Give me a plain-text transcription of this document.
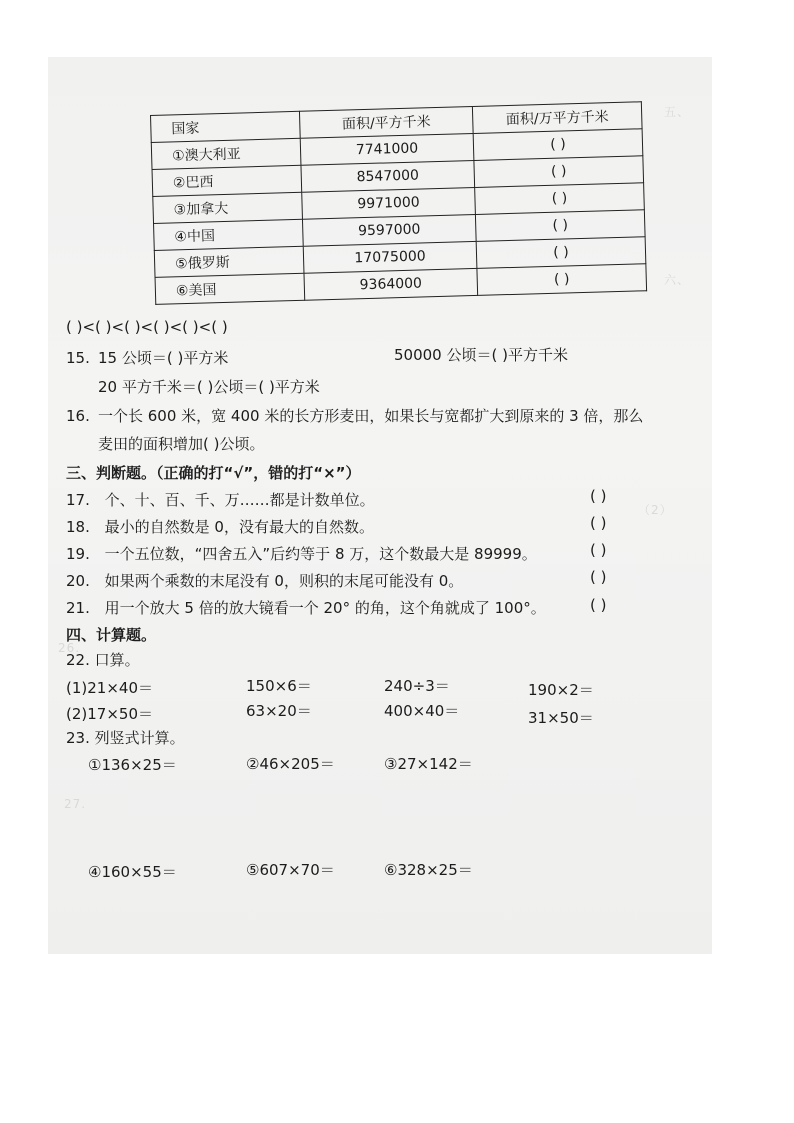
五、
六、
（2）
26.
27.
国家	面积/平方千米	面积/万平方千米
①澳大利亚	7741000	( )
②巴西	8547000	( )
③加拿大	9971000	( )
④中国	9597000	( )
⑤俄罗斯	17075000	( )
⑥美国	9364000	( )
( )<( )<( )<( )<( )<( )
15. 15 公顷＝( )平方米	50000 公顷＝( )平方千米
20 平方千米＝( )公顷＝( )平方米
16. 一个长 600 米，宽 400 米的长方形麦田，如果长与宽都扩大到原来的 3 倍，那么
麦田的面积增加( )公顷。
三、判断题。（正确的打“√”，错的打“×”）
17. 个、十、百、千、万……都是计数单位。	( )
18. 最小的自然数是 0，没有最大的自然数。	( )
19. 一个五位数，“四舍五入”后约等于 8 万，这个数最大是 89999。	( )
20. 如果两个乘数的末尾没有 0，则积的末尾可能没有 0。	( )
21. 用一个放大 5 倍的放大镜看一个 20° 的角，这个角就成了 100°。	( )
四、计算题。
22. 口算。
(1)21×40＝	150×6＝	240÷3＝	190×2＝
(2)17×50＝	63×20＝	400×40＝	31×50＝
23. 列竖式计算。
①136×25＝	②46×205＝	③27×142＝
④160×55＝	⑤607×70＝	⑥328×25＝
